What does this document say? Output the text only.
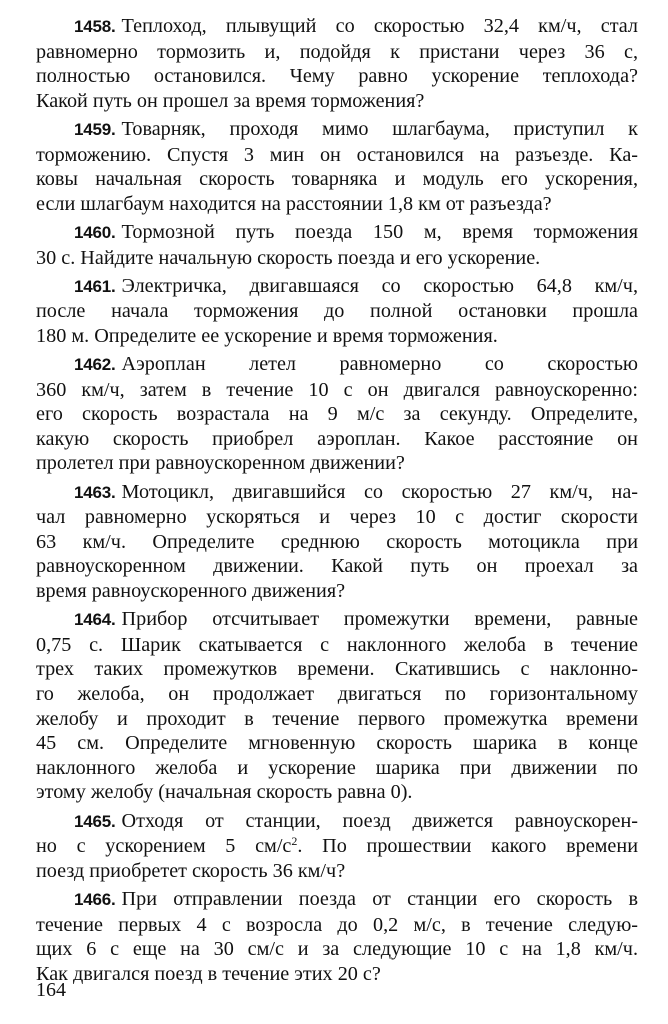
1458. Теплоход, плывущий со скоростью 32,4 км/ч, стал
равномерно тормозить и, подойдя к пристани через 36 с,
полностью остановился. Чему равно ускорение теплохода?
Какой путь он прошел за время торможения?
1459. Товарняк, проходя мимо шлагбаума, приступил к
торможению. Спустя 3 мин он остановился на разъезде. Ка-
ковы начальная скорость товарняка и модуль его ускорения,
если шлагбаум находится на расстоянии 1,8 км от разъезда?
1460. Тормозной путь поезда 150 м, время торможения
30 с. Найдите начальную скорость поезда и его ускорение.
1461. Электричка, двигавшаяся со скоростью 64,8 км/ч,
после начала торможения до полной остановки прошла
180 м. Определите ее ускорение и время торможения.
1462. Аэроплан летел равномерно со скоростью
360 км/ч, затем в течение 10 с он двигался равноускоренно:
его скорость возрастала на 9 м/с за секунду. Определите,
какую скорость приобрел аэроплан. Какое расстояние он
пролетел при равноускоренном движении?
1463. Мотоцикл, двигавшийся со скоростью 27 км/ч, на-
чал равномерно ускоряться и через 10 с достиг скорости
63 км/ч. Определите среднюю скорость мотоцикла при
равноускоренном движении. Какой путь он проехал за
время равноускоренного движения?
1464. Прибор отсчитывает промежутки времени, равные
0,75 с. Шарик скатывается с наклонного желоба в течение
трех таких промежутков времени. Скатившись с наклонно-
го желоба, он продолжает двигаться по горизонтальному
желобу и проходит в течение первого промежутка времени
45 см. Определите мгновенную скорость шарика в конце
наклонного желоба и ускорение шарика при движении по
этому желобу (начальная скорость равна 0).
1465. Отходя от станции, поезд движется равноускорен-
но с ускорением 5 $см/с^2$. По прошествии какого времени
поезд приобретет скорость 36 км/ч?
1466. При отправлении поезда от станции его скорость в
течение первых 4 с возросла до 0,2 м/с, в течение следую-
щих 6 с еще на 30 см/с и за следующие 10 с на 1,8 км/ч.
Как двигался поезд в течение этих 20 с?
164
